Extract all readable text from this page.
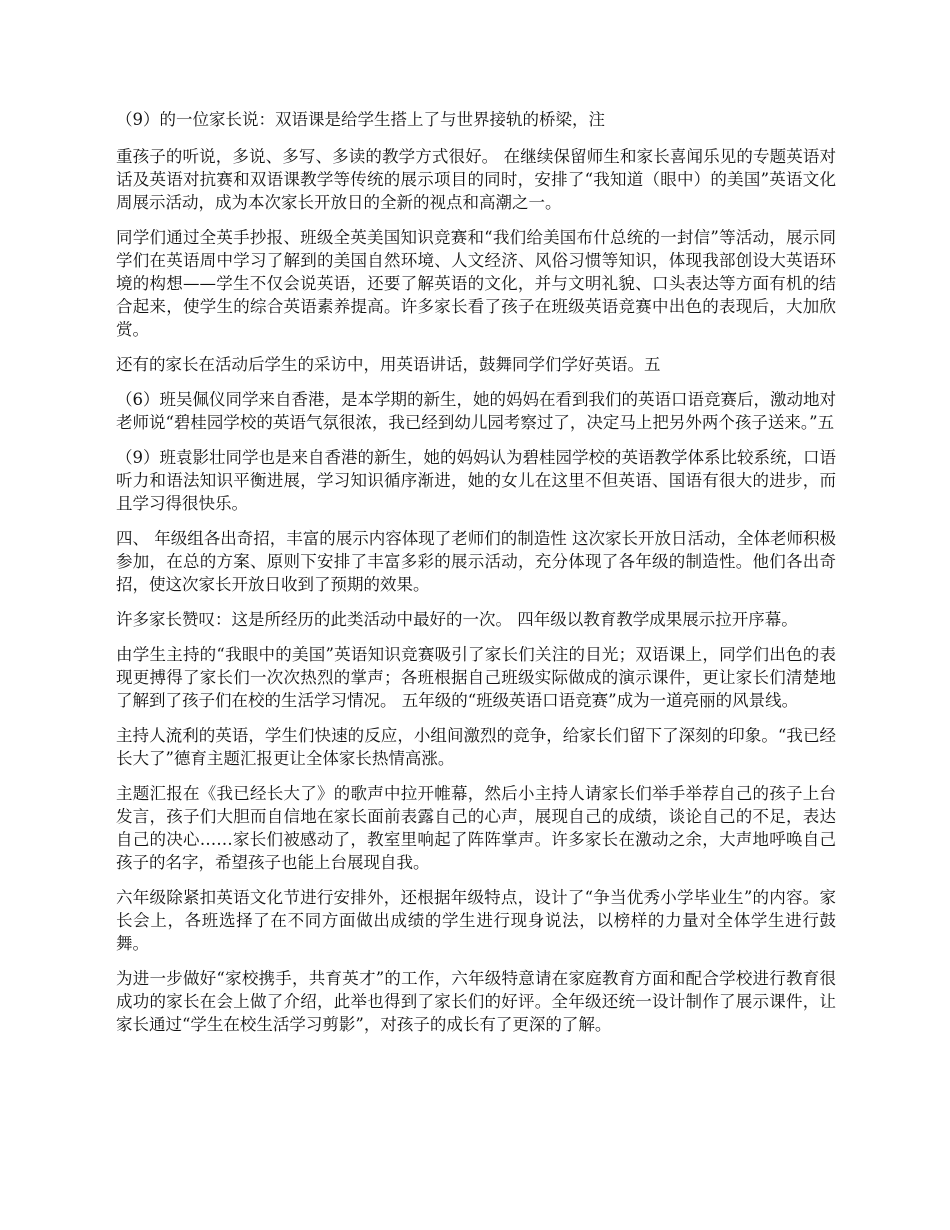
（9）的一位家长说：双语课是给学生搭上了与世界接轨的桥梁，注

重孩子的听说，多说、多写、多读的教学方式很好。 在继续保留师生和家长喜闻乐见的专题英语对话及英语对抗赛和双语课教学等传统的展示项目的同时，安排了“我知道（眼中）的美国”英语文化周展示活动，成为本次家长开放日的全新的视点和高潮之一。

同学们通过全英手抄报、班级全英美国知识竞赛和“我们给美国布什总统的一封信”等活动，展示同学们在英语周中学习了解到的美国自然环境、人文经济、风俗习惯等知识，体现我部创设大英语环境的构想——学生不仅会说英语，还要了解英语的文化，并与文明礼貌、口头表达等方面有机的结合起来，使学生的综合英语素养提高。许多家长看了孩子在班级英语竞赛中出色的表现后，大加欣赏。

还有的家长在活动后学生的采访中，用英语讲话，鼓舞同学们学好英语。五

（6）班吴佩仪同学来自香港，是本学期的新生，她的妈妈在看到我们的英语口语竞赛后，激动地对老师说“碧桂园学校的英语气氛很浓，我已经到幼儿园考察过了，决定马上把另外两个孩子送来。”五

（9）班袁影壮同学也是来自香港的新生，她的妈妈认为碧桂园学校的英语教学体系比较系统，口语听力和语法知识平衡进展，学习知识循序渐进，她的女儿在这里不但英语、国语有很大的进步，而且学习得很快乐。

四、 年级组各出奇招，丰富的展示内容体现了老师们的制造性 这次家长开放日活动，全体老师积极参加，在总的方案、原则下安排了丰富多彩的展示活动，充分体现了各年级的制造性。他们各出奇招，使这次家长开放日收到了预期的效果。

许多家长赞叹：这是所经历的此类活动中最好的一次。 四年级以教育教学成果展示拉开序幕。

由学生主持的“我眼中的美国”英语知识竞赛吸引了家长们关注的目光；双语课上，同学们出色的表现更搏得了家长们一次次热烈的掌声；各班根据自己班级实际做成的演示课件，更让家长们清楚地了解到了孩子们在校的生活学习情况。 五年级的“班级英语口语竞赛”成为一道亮丽的风景线。

主持人流利的英语，学生们快速的反应，小组间激烈的竞争，给家长们留下了深刻的印象。“我已经长大了”德育主题汇报更让全体家长热情高涨。

主题汇报在《我已经长大了》的歌声中拉开帷幕，然后小主持人请家长们举手举荐自己的孩子上台发言，孩子们大胆而自信地在家长面前表露自己的心声，展现自己的成绩，谈论自己的不足，表达自己的决心……家长们被感动了，教室里响起了阵阵掌声。许多家长在激动之余，大声地呼唤自己孩子的名字，希望孩子也能上台展现自我。

六年级除紧扣英语文化节进行安排外，还根据年级特点，设计了“争当优秀小学毕业生”的内容。家长会上，各班选择了在不同方面做出成绩的学生进行现身说法，以榜样的力量对全体学生进行鼓舞。

为进一步做好“家校携手，共育英才”的工作，六年级特意请在家庭教育方面和配合学校进行教育很成功的家长在会上做了介绍，此举也得到了家长们的好评。全年级还统一设计制作了展示课件，让家长通过“学生在校生活学习剪影”，对孩子的成长有了更深的了解。
